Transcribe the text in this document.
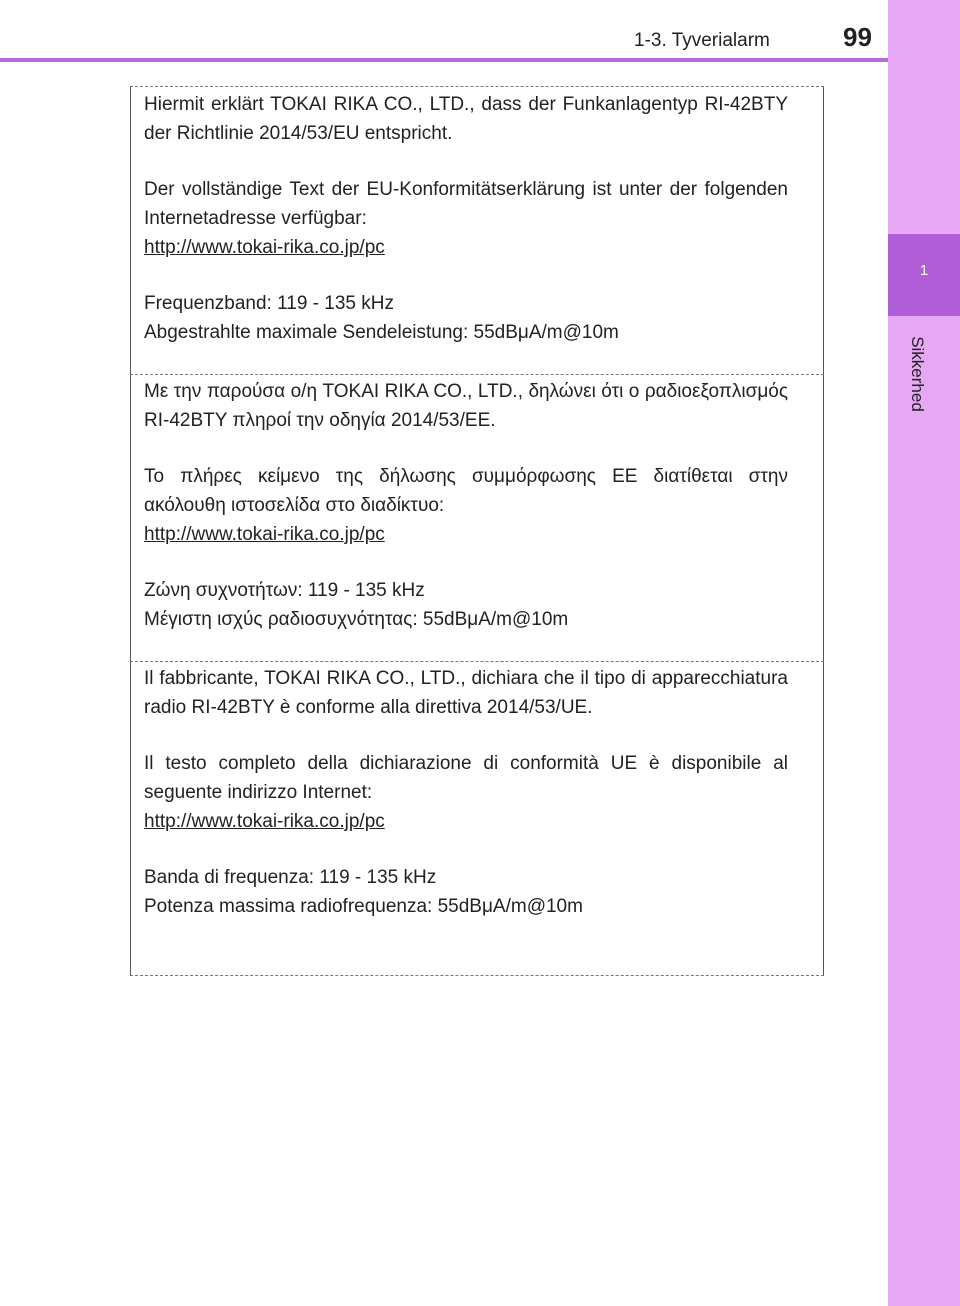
1-3. Tyverialarm	99
1
Sikkerhed

Hiermit erklärt TOKAI RIKA CO., LTD., dass der Funkanlagentyp RI-42BTY der Richtlinie 2014/53/EU entspricht.

Der vollständige Text der EU-Konformitätserklärung ist unter der folgenden Internetadresse verfügbar:

http://www.tokai-rika.co.jp/pc

Frequenzband: 119 - 135 kHz

Abgestrahlte maximale Sendeleistung: 55dBμA/m@10m

Με την παρούσα ο/η TOKAI RIKA CO., LTD., δηλώνει ότι ο ραδιοεξοπλισμός RI-42BTY πληροί την οδηγία 2014/53/ΕΕ.

Το πλήρες κείμενο της δήλωσης συμμόρφωσης ΕΕ διατίθεται στην ακόλουθη ιστοσελίδα στο διαδίκτυο:

http://www.tokai-rika.co.jp/pc

Ζώνη συχνοτήτων: 119 - 135 kHz

Μέγιστη ισχύς ραδιοσυχνότητας: 55dBμA/m@10m

Il fabbricante, TOKAI RIKA CO., LTD., dichiara che il tipo di apparecchiatura radio RI-42BTY è conforme alla direttiva 2014/53/UE.

Il testo completo della dichiarazione di conformità UE è disponibile al seguente indirizzo Internet:

http://www.tokai-rika.co.jp/pc

Banda di frequenza: 119 - 135 kHz

Potenza massima radiofrequenza: 55dBμA/m@10m
